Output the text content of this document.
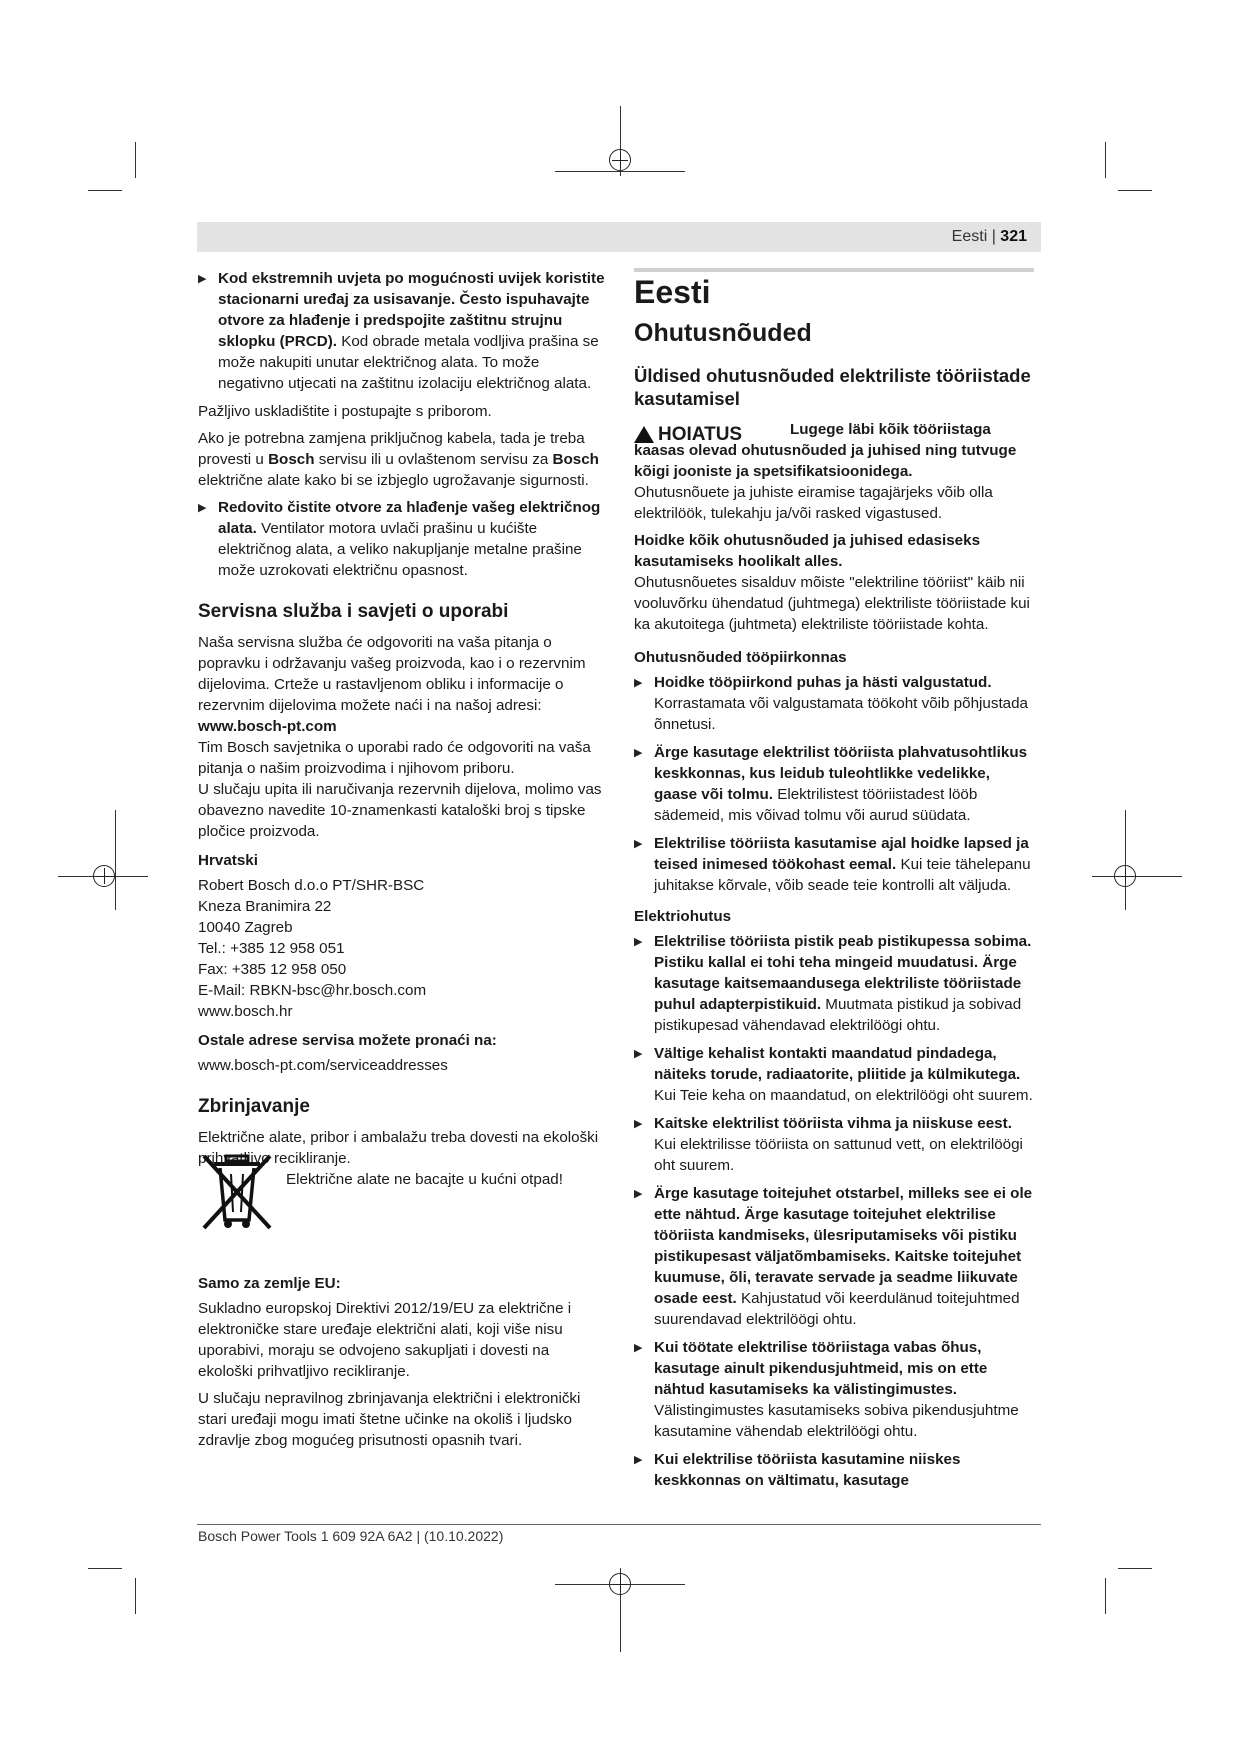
Eesti | 321
▶ Kod ekstremnih uvjeta po mogućnosti uvijek koristite stacionarni uređaj za usisavanje. Često ispuhavajte otvore za hlađenje i predspojite zaštitnu strujnu sklopku (PRCD). Kod obrade metala vodljiva prašina se može nakupiti unutar električnog alata. To može negativno utjecati na zaštitnu izolaciju električnog alata.

Pažljivo uskladištite i postupajte s priborom.

Ako je potrebna zamjena priključnog kabela, tada je treba provesti u Bosch servisu ili u ovlaštenom servisu za Bosch električne alate kako bi se izbjeglo ugrožavanje sigurnosti.

▶ Redovito čistite otvore za hlađenje vašeg električnog alata. Ventilator motora uvlači prašinu u kućište električnog alata, a veliko nakupljanje metalne prašine može uzrokovati električnu opasnost.
Servisna služba i savjeti o uporabi

Naša servisna služba će odgovoriti na vaša pitanja o popravku i održavanju vašeg proizvoda, kao i o rezervnim dijelovima. Crteže u rastavljenom obliku i informacije o rezervnim dijelovima možete naći i na našoj adresi:

www.bosch-pt.com
Tim Bosch savjetnika o uporabi rado će odgovoriti na vaša pitanja o našim proizvodima i njihovom priboru.

U slučaju upita ili naručivanja rezervnih dijelova, molimo vas obavezno navedite 10-znamenkasti kataloški broj s tipske pločice proizvoda.

Hrvatski
Robert Bosch d.o.o PT/SHR-BSC
Kneza Branimira 22
10040 Zagreb
Tel.: +385 12 958 051
Fax: +385 12 958 050
E-Mail: RBKN-bsc@hr.bosch.com
www.bosch.hr
Ostale adrese servisa možete pronaći na:
www.bosch-pt.com/serviceaddresses
Zbrinjavanje

Električne alate, pribor i ambalažu treba dovesti na ekološki prihvatljivo recikliranje.

Električne alate ne bacajte u kućni otpad!
Samo za zemlje EU:

Sukladno europskoj Direktivi 2012/19/EU za električne i elektroničke stare uređaje električni alati, koji više nisu uporabivi, moraju se odvojeno sakupljati i dovesti na ekološki prihvatljivo recikliranje.

U slučaju nepravilnog zbrinjavanja električni i elektronički stari uređaji mogu imati štetne učinke na okoliš i ljudsko zdravlje zbog mogućeg prisutnosti opasnih tvari.

Eesti
Ohutusnõuded
Üldised ohutusnõuded elektriliste tööriistade kasutamisel
HOIATUS	Lugege läbi kõik tööriistaga kaasas olevad ohutusnõuded ja juhised ning tutvuge kõigi jooniste ja spetsifikatsioonidega.

Ohutusnõuete ja juhiste eiramise tagajärjeks võib olla elektrilöök, tulekahju ja/või rasked vigastused.

Hoidke kõik ohutusnõuded ja juhised edasiseks kasutamiseks hoolikalt alles.

Ohutusnõuetes sisalduv mõiste "elektriline tööriist" käib nii vooluvõrku ühendatud (juhtmega) elektriliste tööriistade kui ka akutoitega (juhtmeta) elektriliste tööriistade kohta.

Ohutusnõuded tööpiirkonnas
▶ Hoidke tööpiirkond puhas ja hästi valgustatud. Korrastamata või valgustamata töökoht võib põhjustada õnnetusi.
▶ Ärge kasutage elektrilist tööriista plahvatusohtlikus keskkonnas, kus leidub tuleohtlikke vedelikke, gaase või tolmu. Elektrilistest tööriistadest lööb sädemeid, mis võivad tolmu või aurud süüdata.
▶ Elektrilise tööriista kasutamise ajal hoidke lapsed ja teised inimesed töökohast eemal. Kui teie tähelepanu juhitakse kõrvale, võib seade teie kontrolli alt väljuda.
Elektriohutus
▶ Elektrilise tööriista pistik peab pistikupessa sobima. Pistiku kallal ei tohi teha mingeid muudatusi. Ärge kasutage kaitsemaandusega elektriliste tööriistade puhul adapterpistikuid. Muutmata pistikud ja sobivad pistikupesad vähendavad elektrilöögi ohtu.
▶ Vältige kehalist kontakti maandatud pindadega, näiteks torude, radiaatorite, pliitide ja külmikutega. Kui Teie keha on maandatud, on elektrilöögi oht suurem.
▶ Kaitske elektrilist tööriista vihma ja niiskuse eest. Kui elektrilisse tööriista on sattunud vett, on elektrilöögi oht suurem.
▶ Ärge kasutage toitejuhet otstarbel, milleks see ei ole ette nähtud. Ärge kasutage toitejuhet elektrilise tööriista kandmiseks, ülesriputamiseks või pistiku pistikupesast väljatõmbamiseks. Kaitske toitejuhet kuumuse, õli, teravate servade ja seadme liikuvate osade eest. Kahjustatud või keerdulänud toitejuhtmed suurendavad elektrilöögi ohtu.
▶ Kui töötate elektrilise tööriistaga vabas õhus, kasutage ainult pikendusjuhtmeid, mis on ette nähtud kasutamiseks ka välistingimustes. Välistingimustes kasutamiseks sobiva pikendusjuhtme kasutamine vähendab elektrilöögi ohtu.
▶ Kui elektrilise tööriista kasutamine niiskes keskkonnas on vältimatu, kasutage
Bosch Power Tools 1 609 92A 6A2 | (10.10.2022)
